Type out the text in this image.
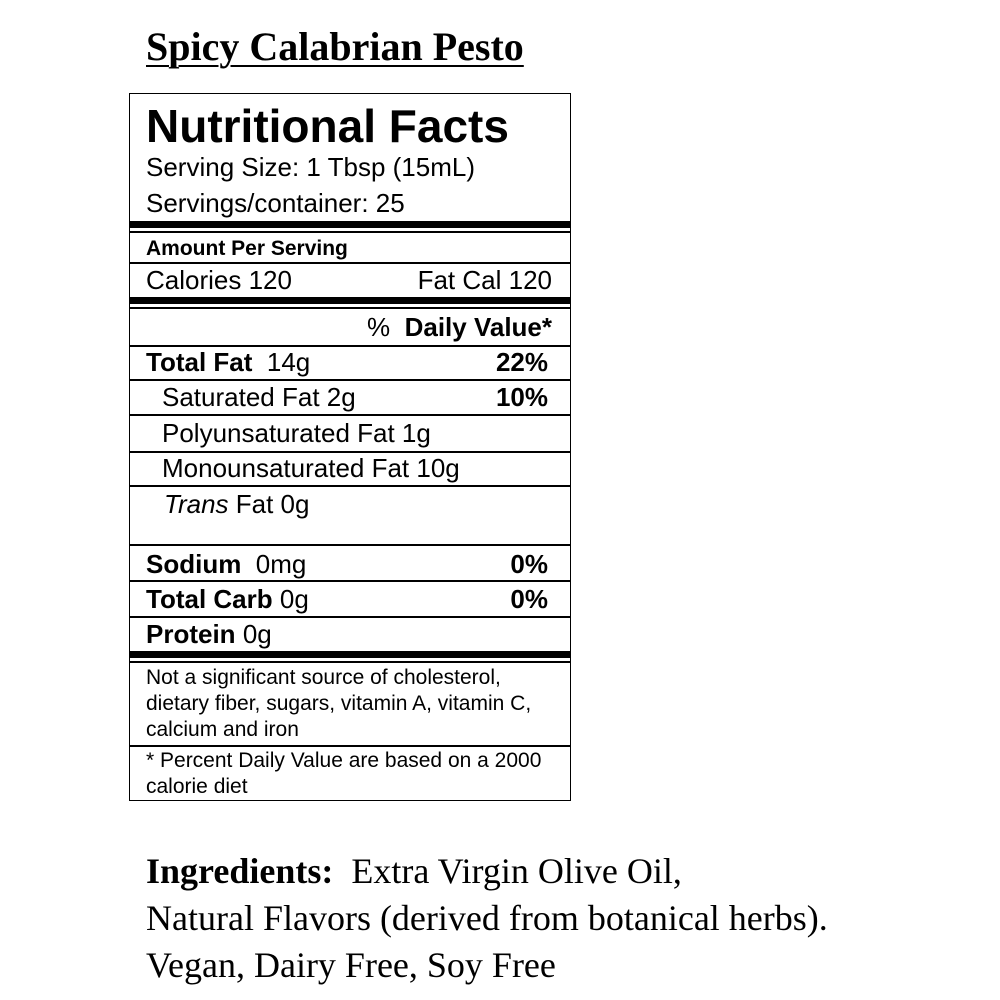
Spicy Calabrian Pesto
Nutritional Facts
Serving Size: 1 Tbsp (15mL)
Servings/container: 25
Amount Per Serving
Calories 120	Fat Cal 120
% Daily Value*
Total Fat 14g	22%
Saturated Fat 2g	10%
Polyunsaturated Fat 1g
Monounsaturated Fat 10g
Trans Fat 0g
Sodium 0mg	0%
Total Carb 0g	0%
Protein 0g
Not a significant source of cholesterol, dietary fiber, sugars, vitamin A, vitamin C, calcium and iron
* Percent Daily Value are based on a 2000 calorie diet
Ingredients: Extra Virgin Olive Oil,
Natural Flavors (derived from botanical herbs).
Vegan, Dairy Free, Soy Free
